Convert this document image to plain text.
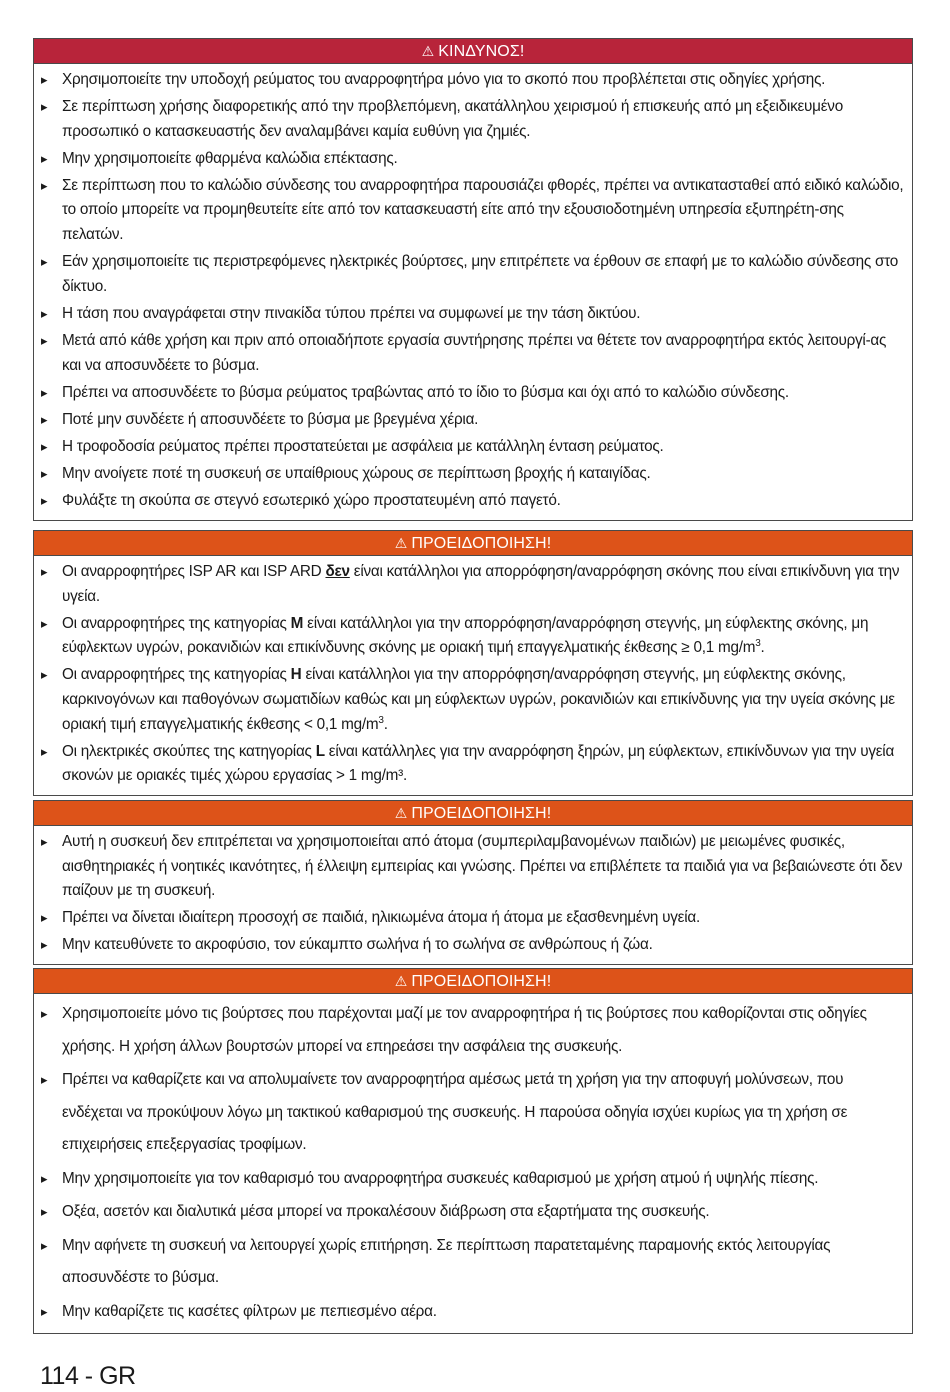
⚠ ΚΙΝΔΥΝΟΣ!
▸ Χρησιμοποιείτε την υποδοχή ρεύματος του αναρροφητήρα μόνο για το σκοπό που προβλέπεται στις οδηγίες χρήσης.
▸ Σε περίπτωση χρήσης διαφορετικής από την προβλεπόμενη, ακατάλληλου χειρισμού ή επισκευής από μη εξειδικευμένο προσωπικό ο κατασκευαστής δεν αναλαμβάνει καμία ευθύνη για ζημιές.
▸ Μην χρησιμοποιείτε φθαρμένα καλώδια επέκτασης.
▸ Σε περίπτωση που το καλώδιο σύνδεσης του αναρροφητήρα παρουσιάζει φθορές, πρέπει να αντικατασταθεί από ειδικό καλώδιο, το οποίο μπορείτε να προμηθευτείτε είτε από τον κατασκευαστή είτε από την εξουσιοδοτημένη υπηρεσία εξυπηρέτη-σης πελατών.
▸ Εάν χρησιμοποιείτε τις περιστρεφόμενες ηλεκτρικές βούρτσες, μην επιτρέπετε να έρθουν σε επαφή με το καλώδιο σύνδεσης στο δίκτυο.
▸ Η τάση που αναγράφεται στην πινακίδα τύπου πρέπει να συμφωνεί με την τάση δικτύου.
▸ Μετά από κάθε χρήση και πριν από οποιαδήποτε εργασία συντήρησης πρέπει να θέτετε τον αναρροφητήρα εκτός λειτουργί-ας και να αποσυνδέετε το βύσμα.
▸ Πρέπει να αποσυνδέετε το βύσμα ρεύματος τραβώντας από το ίδιο το βύσμα και όχι από το καλώδιο σύνδεσης.
▸ Ποτέ μην συνδέετε ή αποσυνδέετε το βύσμα με βρεγμένα χέρια.
▸ Η τροφοδοσία ρεύματος πρέπει προστατεύεται με ασφάλεια με κατάλληλη ένταση ρεύματος.
▸ Μην ανοίγετε ποτέ τη συσκευή σε υπαίθριους χώρους σε περίπτωση βροχής ή καταιγίδας.
▸ Φυλάξτε τη σκούπα σε στεγνό εσωτερικό χώρο προστατευμένη από παγετό.
⚠ ΠΡΟΕΙΔΟΠΟΙΗΣΗ!
▸ Οι αναρροφητήρες ISP AR και ISP ARD δεν είναι κατάλληλοι για απορρόφηση/αναρρόφηση σκόνης που είναι επικίνδυνη για την υγεία.
▸ Οι αναρροφητήρες της κατηγορίας M είναι κατάλληλοι για την απορρόφηση/αναρρόφηση στεγνής, μη εύφλεκτης σκόνης, μη εύφλεκτων υγρών, ροκανιδιών και επικίνδυνης σκόνης με οριακή τιμή επαγγελματικής έκθεσης ≥ 0,1 $mg/m^3$.
▸ Οι αναρροφητήρες της κατηγορίας H είναι κατάλληλοι για την απορρόφηση/αναρρόφηση στεγνής, μη εύφλεκτης σκόνης, καρκινογόνων και παθογόνων σωματιδίων καθώς και μη εύφλεκτων υγρών, ροκανιδιών και επικίνδυνης για την υγεία σκόνης με οριακή τιμή επαγγελματικής έκθεσης < 0,1 $mg/m^3$.
▸ Οι ηλεκτρικές σκούπες της κατηγορίας L είναι κατάλληλες για την αναρρόφηση ξηρών, μη εύφλεκτων, επικίνδυνων για την υγεία σκονών με οριακές τιμές χώρου εργασίας > 1 mg/m³.
⚠ ΠΡΟΕΙΔΟΠΟΙΗΣΗ!
▸ Αυτή η συσκευή δεν επιτρέπεται να χρησιμοποιείται από άτομα (συμπεριλαμβανομένων παιδιών) με μειωμένες φυσικές, αισθητηριακές ή νοητικές ικανότητες, ή έλλειψη εμπειρίας και γνώσης. Πρέπει να επιβλέπετε τα παιδιά για να βεβαιώνεστε ότι δεν παίζουν με τη συσκευή.
▸ Πρέπει να δίνεται ιδιαίτερη προσοχή σε παιδιά, ηλικιωμένα άτομα ή άτομα με εξασθενημένη υγεία.
▸ Μην κατευθύνετε το ακροφύσιο, τον εύκαμπτο σωλήνα ή το σωλήνα σε ανθρώπους ή ζώα.
⚠ ΠΡΟΕΙΔΟΠΟΙΗΣΗ!
▸ Χρησιμοποιείτε μόνο τις βούρτσες που παρέχονται μαζί με τον αναρροφητήρα ή τις βούρτσες που καθορίζονται στις οδηγίες χρήσης. Η χρήση άλλων βουρτσών μπορεί να επηρεάσει την ασφάλεια της συσκευής.
▸ Πρέπει να καθαρίζετε και να απολυμαίνετε τον αναρροφητήρα αμέσως μετά τη χρήση για την αποφυγή μολύνσεων, που ενδέχεται να προκύψουν λόγω μη τακτικού καθαρισμού της συσκευής. Η παρούσα οδηγία ισχύει κυρίως για τη χρήση σε επιχειρήσεις επεξεργασίας τροφίμων.
▸ Μην χρησιμοποιείτε για τον καθαρισμό του αναρροφητήρα συσκευές καθαρισμού με χρήση ατμού ή υψηλής πίεσης.
▸ Οξέα, ασετόν και διαλυτικά μέσα μπορεί να προκαλέσουν διάβρωση στα εξαρτήματα της συσκευής.
▸ Μην αφήνετε τη συσκευή να λειτουργεί χωρίς επιτήρηση. Σε περίπτωση παρατεταμένης παραμονής εκτός λειτουργίας αποσυνδέστε το βύσμα.
▸ Μην καθαρίζετε τις κασέτες φίλτρων με πεπιεσμένο αέρα.
114 - GR
